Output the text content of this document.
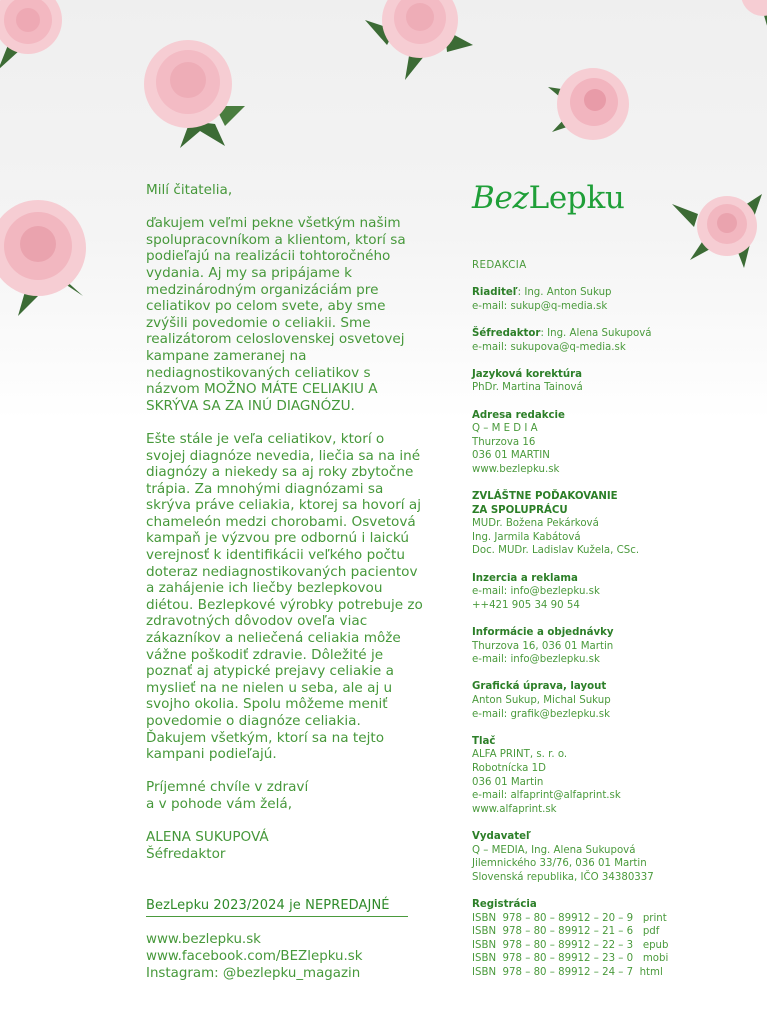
Milí čitatelia,

ďakujem veľmi pekne všetkým našim spolupracovníkom a klientom, ktorí sa podieľajú na realizácii tohtoročného vydania. Aj my sa pripájame k medzinárodným organizáciám pre celiatikov po celom svete, aby sme zvýšili povedomie o celiakii. Sme realizátorom celoslovenskej osvetovej kampane zameranej na nediagnostikovaných celiatikov s názvom MOŽNO MÁTE CELIAKIU A SKRÝVA SA ZA INÚ DIAGNÓZU.

Ešte stále je veľa celiatikov, ktorí o svojej diagnóze nevedia, liečia sa na iné diagnózy a niekedy sa aj roky zbytočne trápia. Za mnohými diagnózami sa skrýva práve celiakia, ktorej sa hovorí aj chameleón medzi chorobami. Osvetová kampaň je výzvou pre odbornú i laickú verejnosť k identifikácii veľkého počtu doteraz nediagnostikovaných pacientov a zahájenie ich liečby bezlepkovou diétou. Bezlepkové výrobky potrebuje zo zdravotných dôvodov oveľa viac zákazníkov a neliečená celiakia môže vážne poškodiť zdravie. Dôležité je poznať aj atypické prejavy celiakie a myslieť na ne nielen u seba, ale aj u svojho okolia. Spolu môžeme meniť povedomie o diagnóze celiakia. Ďakujem všetkým, ktorí sa na tejto kampani podieľajú.

Príjemné chvíle v zdraví
a v pohode vám želá,

ALENA SUKUPOVÁ
Šéfredaktor

BezLepku 2023/2024 je NEPREDAJNÉ
www.bezlepku.sk
www.facebook.com/BEZlepku.sk
Instagram: @bezlepku_magazin
BezLepku
REDAKCIA
Riaditeľ: Ing. Anton Sukup
e-mail: sukup@q-media.sk
Šéfredaktor: Ing. Alena Sukupová
e-mail: sukupova@q-media.sk
Jazyková korektúra
PhDr. Martina Tainová
Adresa redakcie
Q – M E D I A
Thurzova 16
036 01 MARTIN
www.bezlepku.sk
ZVLÁŠTNE POĎAKOVANIE
ZA SPOLUPRÁCU
MUDr. Božena Pekárková
Ing. Jarmila Kabátová
Doc. MUDr. Ladislav Kužela, CSc.
Inzercia a reklama
e-mail: info@bezlepku.sk
++421 905 34 90 54
Informácie a objednávky
Thurzova 16, 036 01 Martin
e-mail: info@bezlepku.sk
Grafická úprava, layout
Anton Sukup, Michal Sukup
e-mail: grafik@bezlepku.sk
Tlač
ALFA PRINT, s. r. o.
Robotnícka 1D
036 01 Martin
e-mail: alfaprint@alfaprint.sk
www.alfaprint.sk
Vydavateľ
Q – MEDIA, Ing. Alena Sukupová
Jilemnického 33/76, 036 01 Martin
Slovenská republika, IČO 34380337
Registrácia
ISBN  978 – 80 – 89912 – 20 – 9   print
ISBN  978 – 80 – 89912 – 21 – 6   pdf
ISBN  978 – 80 – 89912 – 22 – 3   epub
ISBN  978 – 80 – 89912 – 23 – 0   mobi
ISBN  978 – 80 – 89912 – 24 – 7  html
